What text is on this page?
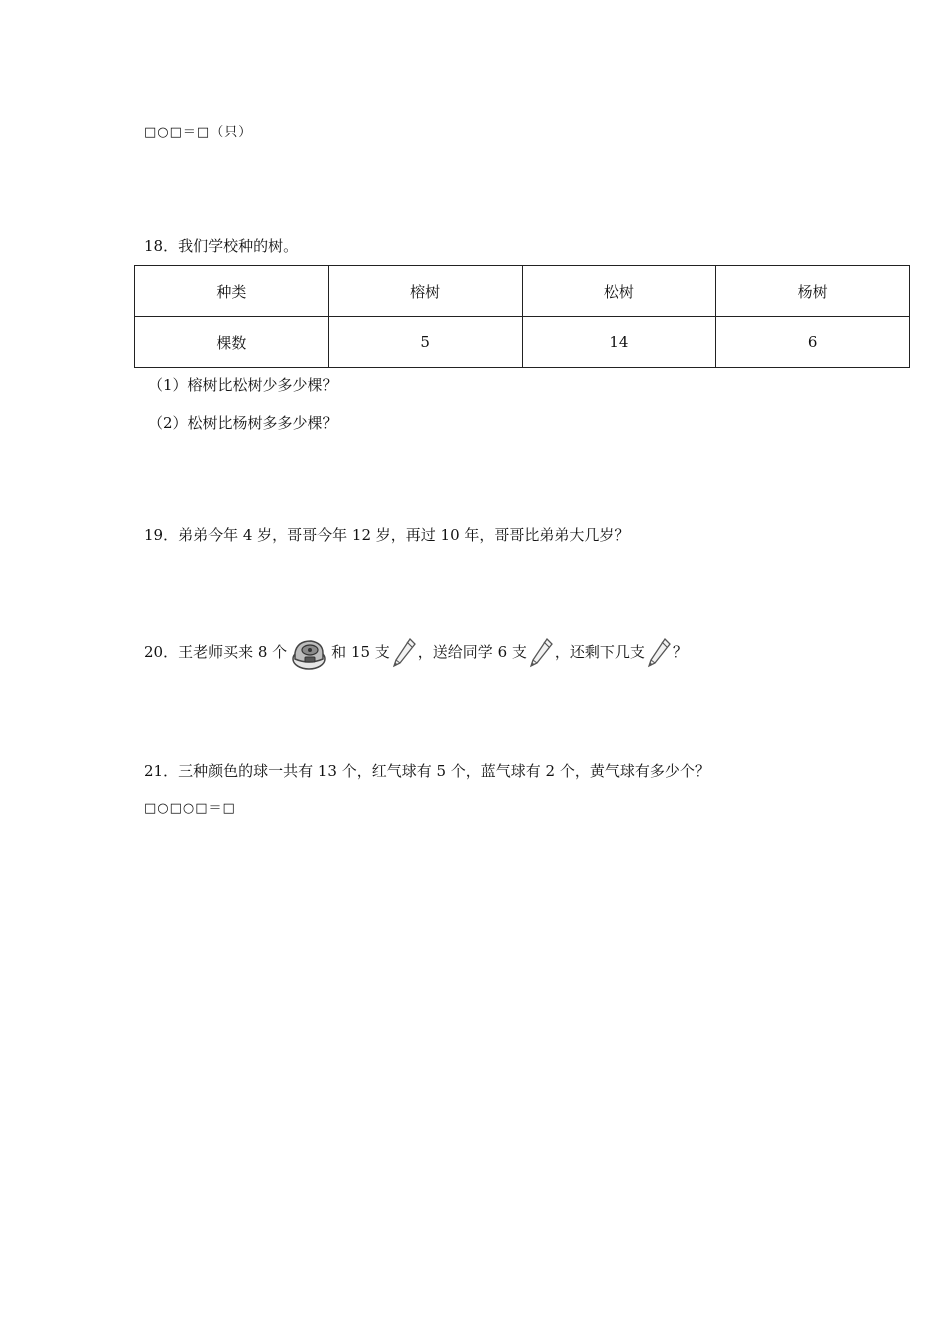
□○□＝□（只）
18．我们学校种的树。
种类	榕树	松树	杨树
棵数	5	14	6
（1）榕树比松树少多少棵？
（2）松树比杨树多多少棵？
19．弟弟今年 4 岁，哥哥今年 12 岁，再过 10 年，哥哥比弟弟大几岁？
20．王老师买来 8 个	和 15 支 ，送给同学 6 支 ，还剩下几支 ？
21．三种颜色的球一共有 13 个，红气球有 5 个，蓝气球有 2 个，黄气球有多少个？
□○□○□＝□
